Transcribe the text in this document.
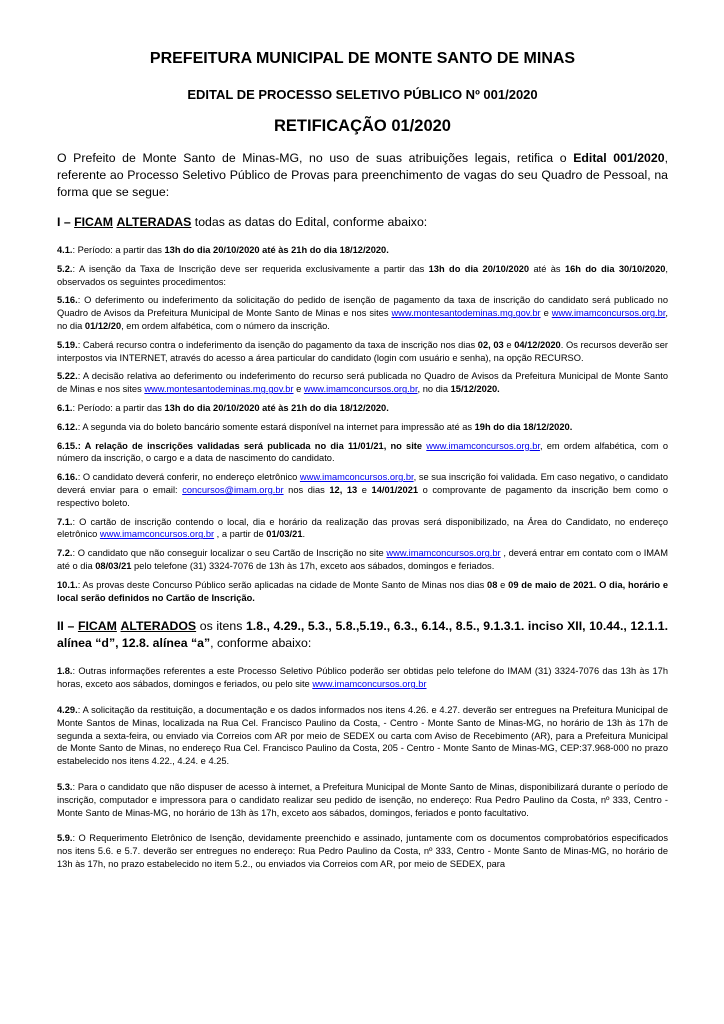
PREFEITURA MUNICIPAL DE MONTE SANTO DE MINAS
EDITAL DE PROCESSO SELETIVO PÚBLICO Nº 001/2020
RETIFICAÇÃO 01/2020
O Prefeito de Monte Santo de Minas-MG, no uso de suas atribuições legais, retifica o Edital 001/2020, referente ao Processo Seletivo Público de Provas para preenchimento de vagas do seu Quadro de Pessoal, na forma que se segue:
I – FICAM ALTERADAS todas as datas do Edital, conforme abaixo:
4.1.: Período: a partir das 13h do dia 20/10/2020 até às 21h do dia 18/12/2020.
5.2.: A isenção da Taxa de Inscrição deve ser requerida exclusivamente a partir das 13h do dia 20/10/2020 até às 16h do dia 30/10/2020, observados os seguintes procedimentos:
5.16.: O deferimento ou indeferimento da solicitação do pedido de isenção de pagamento da taxa de inscrição do candidato será publicado no Quadro de Avisos da Prefeitura Municipal de Monte Santo de Minas e nos sites www.montesantodeminas.mg.gov.br e www.imamconcursos.org.br, no dia 01/12/20, em ordem alfabética, com o número da inscrição.
5.19.: Caberá recurso contra o indeferimento da isenção do pagamento da taxa de inscrição nos dias 02, 03 e 04/12/2020. Os recursos deverão ser interpostos via INTERNET, através do acesso a área particular do candidato (login com usuário e senha), na opção RECURSO.
5.22.: A decisão relativa ao deferimento ou indeferimento do recurso será publicada no Quadro de Avisos da Prefeitura Municipal de Monte Santo de Minas e nos sites www.montesantodeminas.mg.gov.br e www.imamconcursos.org.br, no dia 15/12/2020.
6.1.: Período: a partir das 13h do dia 20/10/2020 até às 21h do dia 18/12/2020.
6.12.: A segunda via do boleto bancário somente estará disponível na internet para impressão até as 19h do dia 18/12/2020.
6.15.: A relação de inscrições validadas será publicada no dia 11/01/21, no site www.imamconcursos.org.br, em ordem alfabética, com o número da inscrição, o cargo e a data de nascimento do candidato.
6.16.: O candidato deverá conferir, no endereço eletrônico www.imamconcursos.org.br, se sua inscrição foi validada. Em caso negativo, o candidato deverá enviar para o email: concursos@imam.org.br nos dias 12, 13 e 14/01/2021 o comprovante de pagamento da inscrição bem como o respectivo boleto.
7.1.: O cartão de inscrição contendo o local, dia e horário da realização das provas será disponibilizado, na Área do Candidato, no endereço eletrônico www.imamconcursos.org.br , a partir de 01/03/21.
7.2.: O candidato que não conseguir localizar o seu Cartão de Inscrição no site www.imamconcursos.org.br , deverá entrar em contato com o IMAM até o dia 08/03/21 pelo telefone (31) 3324-7076 de 13h às 17h, exceto aos sábados, domingos e feriados.
10.1.: As provas deste Concurso Público serão aplicadas na cidade de Monte Santo de Minas nos dias 08 e 09 de maio de 2021. O dia, horário e local serão definidos no Cartão de Inscrição.
II – FICAM ALTERADOS os itens 1.8., 4.29., 5.3., 5.8.,5.19., 6.3., 6.14., 8.5., 9.1.3.1. inciso XII, 10.44., 12.1.1. alínea “d”, 12.8. alínea “a”, conforme abaixo:
1.8.: Outras informações referentes a este Processo Seletivo Público poderão ser obtidas pelo telefone do IMAM (31) 3324-7076 das 13h às 17h horas, exceto aos sábados, domingos e feriados, ou pelo site www.imamconcursos.org.br
4.29.: A solicitação da restituição, a documentação e os dados informados nos itens 4.26. e 4.27. deverão ser entregues na Prefeitura Municipal de Monte Santos de Minas, localizada na Rua Cel. Francisco Paulino da Costa, - Centro - Monte Santo de Minas-MG, no horário de 13h às 17h de segunda a sexta-feira, ou enviado via Correios com AR por meio de SEDEX ou carta com Aviso de Recebimento (AR), para a Prefeitura Municipal de Monte Santo de Minas, no endereço Rua Cel. Francisco Paulino da Costa, 205 - Centro - Monte Santo de Minas-MG, CEP:37.968-000 no prazo estabelecido nos itens 4.22., 4.24. e 4.25.
5.3.: Para o candidato que não dispuser de acesso à internet, a Prefeitura Municipal de Monte Santo de Minas, disponibilizará durante o período de inscrição, computador e impressora para o candidato realizar seu pedido de isenção, no endereço: Rua Pedro Paulino da Costa, nº 333, Centro - Monte Santo de Minas-MG, no horário de 13h às 17h, exceto aos sábados, domingos, feriados e ponto facultativo.
5.9.: O Requerimento Eletrônico de Isenção, devidamente preenchido e assinado, juntamente com os documentos comprobatórios especificados nos itens 5.6. e 5.7. deverão ser entregues no endereço: Rua Pedro Paulino da Costa, nº 333, Centro - Monte Santo de Minas-MG, no horário de 13h às 17h, no prazo estabelecido no item 5.2., ou enviados via Correios com AR, por meio de SEDEX, para
